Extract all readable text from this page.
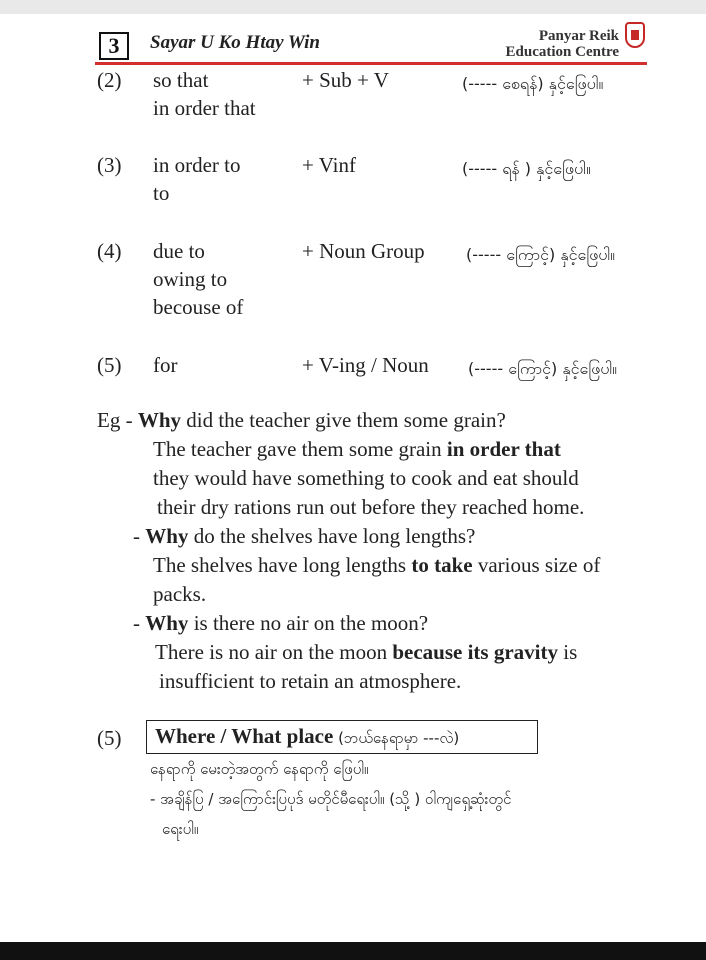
3	Sayar U Ko Htay Win	Panyar Reik
Education Centre
(2) so that
in order that
+ Sub + V	(----- စေရန်) နှင့်ဖြေပါ။
(3) in order to
to
+ Vinf	(----- ရန် ) နှင့်ဖြေပါ။
(4) due to
owing to
becouse of
+ Noun Group	(----- ကြောင့်) နှင့်ဖြေပါ။
(5) for	+ V-ing / Noun (----- ကြောင့်) နှင့်ဖြေပါ။
Eg - Why did the teacher give them some grain?
The teacher gave them some grain in order that
they would have something to cook and eat should
their dry rations run out before they reached home.
- Why do the shelves have long lengths?
The shelves have long lengths to take various size of
packs.
- Why is there no air on the moon?
There is no air on the moon because its gravity is
insufficient to retain an atmosphere.
(5)	Where / What place (ဘယ်နေရာမှာ ---လဲ)
နေရာကို မေးတဲ့အတွက် နေရာကို ဖြေပါ။
- အချိန်ပြ / အကြောင်းပြပုဒ် မတိုင်မီရေးပါ။ (သို့ ) ဝါကျရှေ့ဆုံးတွင်
ရေးပါ။
